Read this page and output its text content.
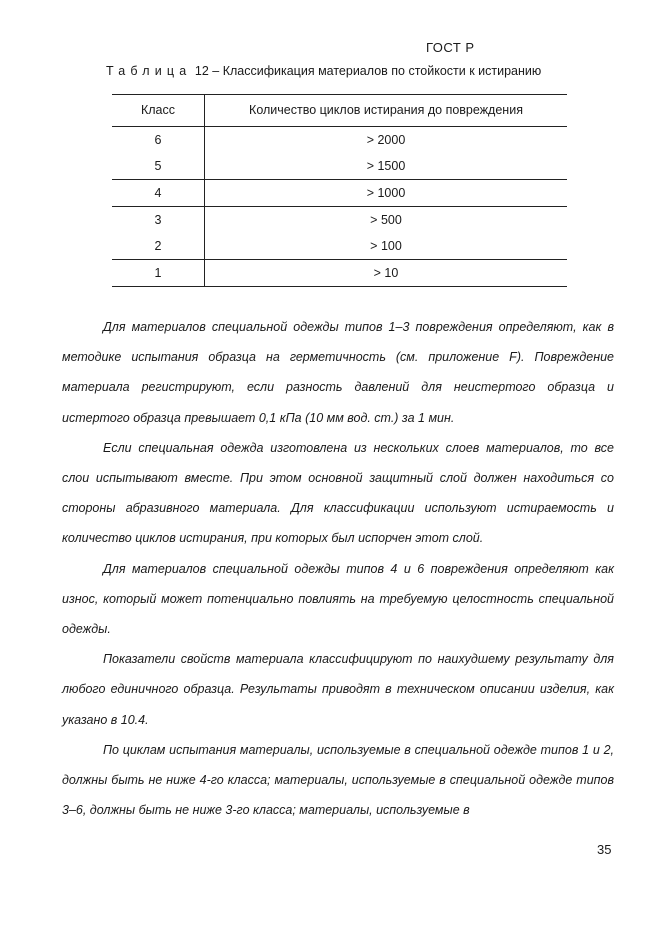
ГОСТ Р
Таблица 12 – Классификация материалов по стойкости к истиранию
Класс	Количество циклов истирания до повреждения
6	> 2000
5	> 1500
4	> 1000
3	> 500
2	> 100
1	> 10

Для материалов специальной одежды типов 1–3 повреждения определяют, как в методике испытания образца на герметичность (см. приложение F). Повреждение материала регистрируют, если разность давлений для неистертого образца и истертого образца превышает 0,1 кПа (10 мм вод. ст.) за 1 мин.

Если специальная одежда изготовлена из нескольких слоев материалов, то все слои испытывают вместе. При этом основной защитный слой должен находиться со стороны абразивного материала. Для классификации используют истираемость и количество циклов истирания, при которых был испорчен этот слой.

Для материалов специальной одежды типов 4 и 6 повреждения определяют как износ, который может потенциально повлиять на требуемую целостность специальной одежды.

Показатели свойств материала классифицируют по наихудшему результату для любого единичного образца. Результаты приводят в техническом описании изделия, как указано в 10.4.

По циклам испытания материалы, используемые в специальной одежде типов 1 и 2, должны быть не ниже 4-го класса; материалы, используемые в специальной одежде типов 3–6, должны быть не ниже 3-го класса; материалы, используемые в

35
